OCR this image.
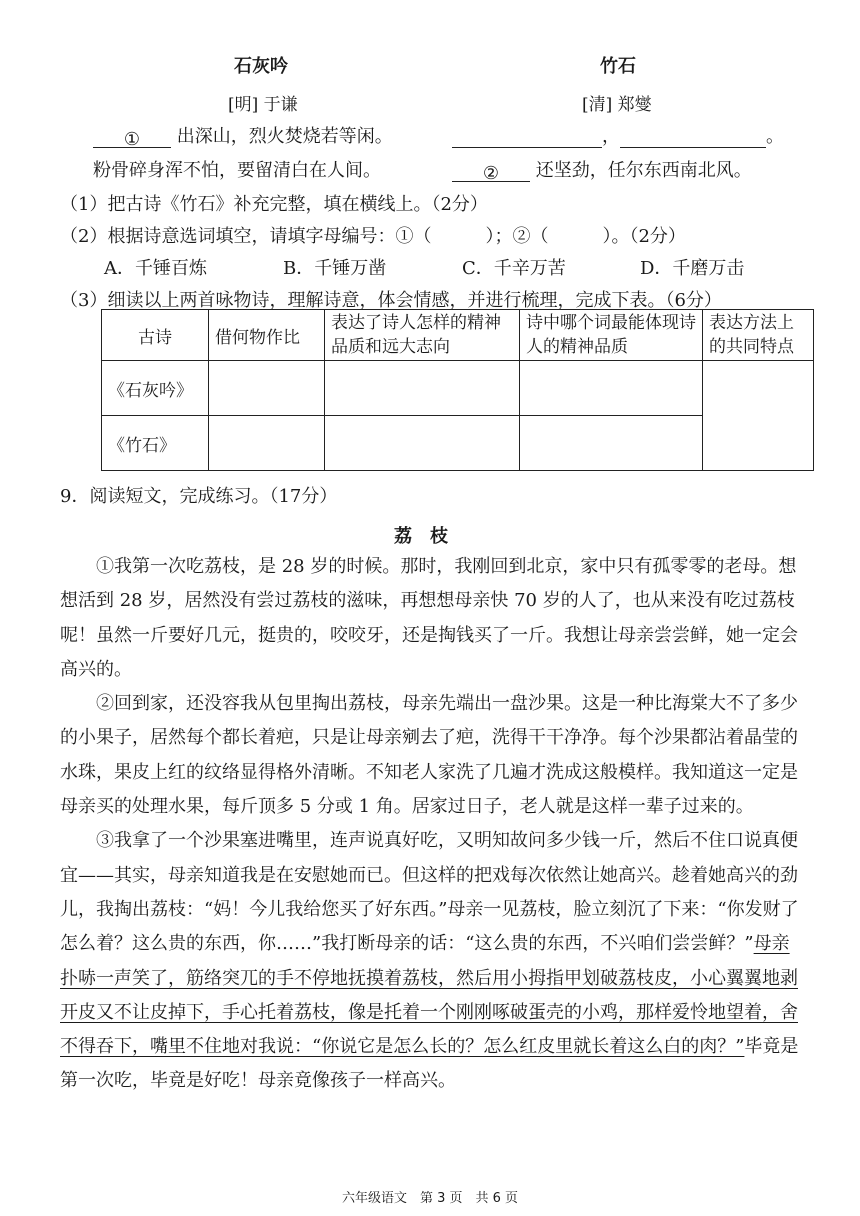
石灰吟	竹石
[明] 于谦	[清] 郑燮
① 出深山，烈火焚烧若等闲。	，	。
粉骨碎身浑不怕，要留清白在人间。	② 还坚劲，任尔东西南北风。
（1）把古诗《竹石》补充完整，填在横线上。（2分）
（2）根据诗意选词填空，请填字母编号：①（　　　）；②（　　　）。（2分）
A．千锤百炼	B．千锤万凿	C．千辛万苦	D．千磨万击
（3）细读以上两首咏物诗，理解诗意，体会情感，并进行梳理，完成下表。（6分）
古诗	借何物作比	表达了诗人怎样的精神品质和远大志向	诗中哪个词最能体现诗人的精神品质	表达方法上的共同特点
《石灰吟》				
《竹石》				
9．阅读短文，完成练习。（17分）
荔　枝

　　①我第一次吃荔枝，是 28 岁的时候。那时，我刚回到北京，家中只有孤零零的老母。想想活到 28 岁，居然没有尝过荔枝的滋味，再想想母亲快 70 岁的人了，也从来没有吃过荔枝呢！虽然一斤要好几元，挺贵的，咬咬牙，还是掏钱买了一斤。我想让母亲尝尝鲜，她一定会高兴的。

　　②回到家，还没容我从包里掏出荔枝，母亲先端出一盘沙果。这是一种比海棠大不了多少的小果子，居然每个都长着疤，只是让母亲剜去了疤，洗得干干净净。每个沙果都沾着晶莹的水珠，果皮上红的纹络显得格外清晰。不知老人家洗了几遍才洗成这般模样。我知道这一定是母亲买的处理水果，每斤顶多 5 分或 1 角。居家过日子，老人就是这样一辈子过来的。

　　③我拿了一个沙果塞进嘴里，连声说真好吃，又明知故问多少钱一斤，然后不住口说真便宜——其实，母亲知道我是在安慰她而已。但这样的把戏每次依然让她高兴。趁着她高兴的劲儿，我掏出荔枝：“妈！今儿我给您买了好东西。”母亲一见荔枝，脸立刻沉了下来：“你发财了怎么着？这么贵的东西，你……”我打断母亲的话：“这么贵的东西，不兴咱们尝尝鲜？”母亲扑哧一声笑了，筋络突兀的手不停地抚摸着荔枝，然后用小拇指甲划破荔枝皮，小心翼翼地剥开皮又不让皮掉下，手心托着荔枝，像是托着一个刚刚啄破蛋壳的小鸡，那样爱怜地望着，舍不得吞下，嘴里不住地对我说：“你说它是怎么长的？怎么红皮里就长着这么白的肉？”毕竟是第一次吃，毕竟是好吃！母亲竟像孩子一样高兴。

六年级语文　第 3 页　共 6 页
